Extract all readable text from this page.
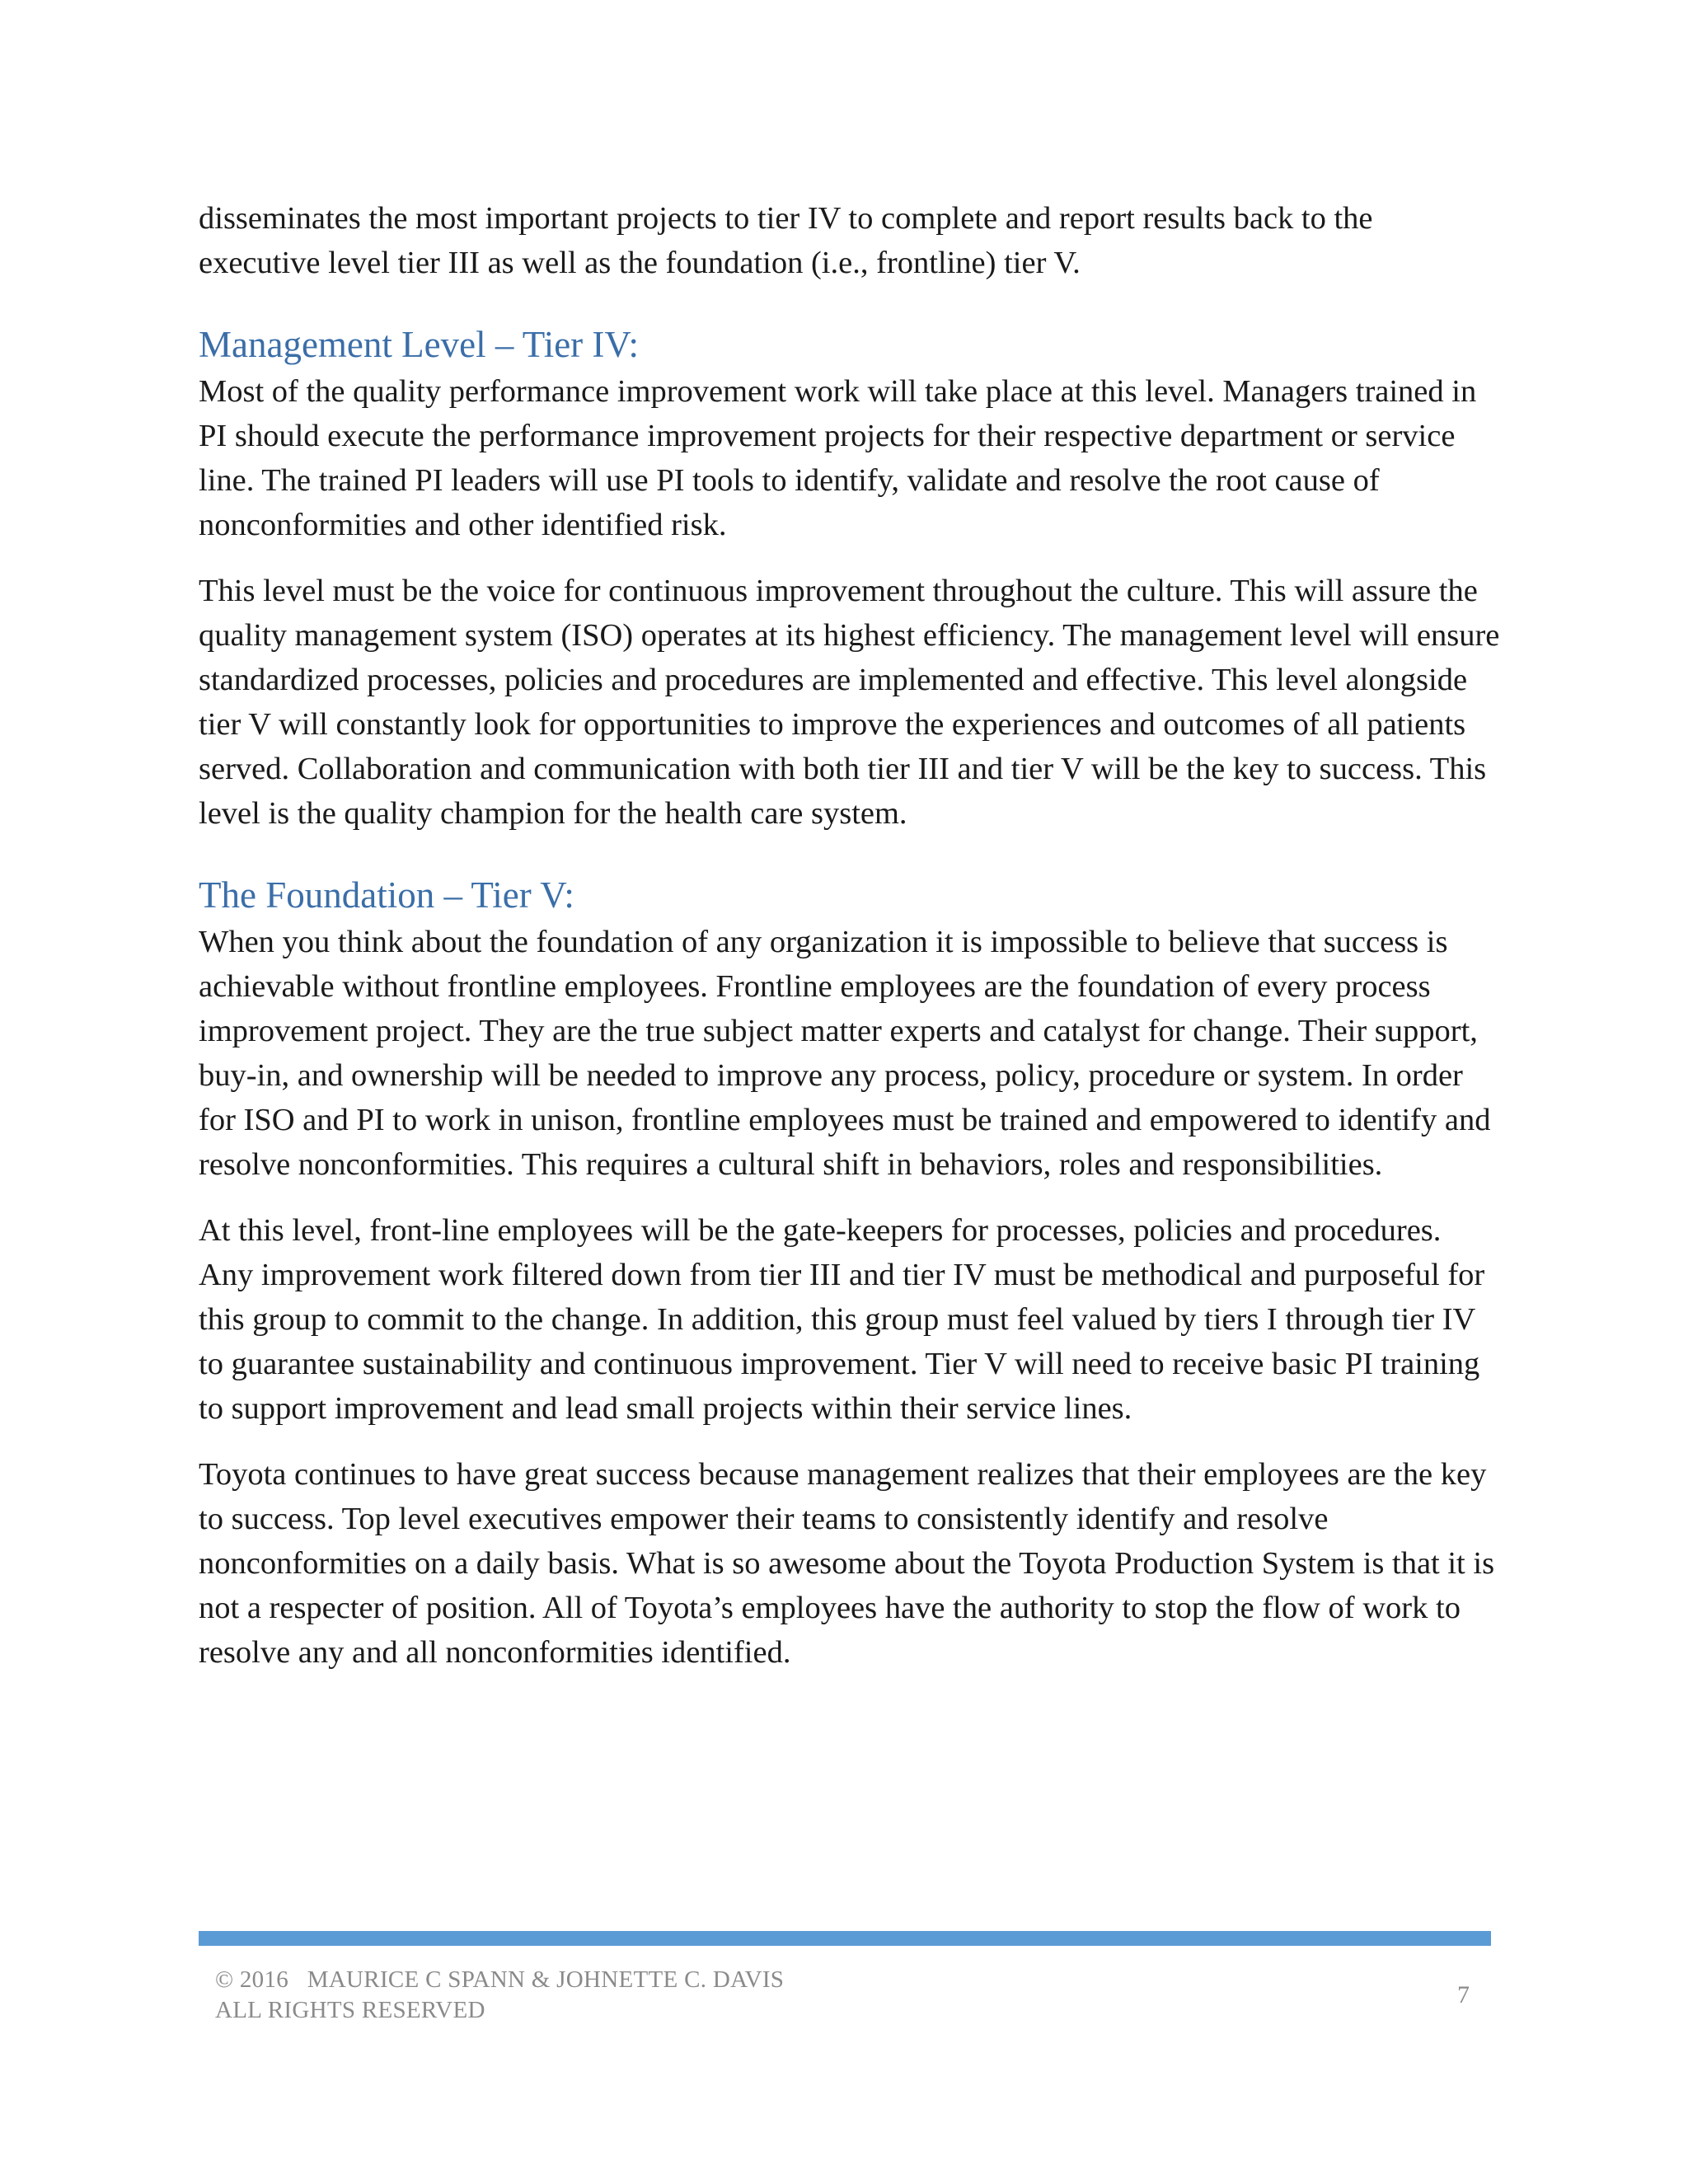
disseminates the most important projects to tier IV to complete and report results back to the executive level tier III as well as the foundation (i.e., frontline) tier V.

Management Level – Tier IV:

Most of the quality performance improvement work will take place at this level. Managers trained in PI should execute the performance improvement projects for their respective department or service line. The trained PI leaders will use PI tools to identify, validate and resolve the root cause of nonconformities and other identified risk.

This level must be the voice for continuous improvement throughout the culture. This will assure the quality management system (ISO) operates at its highest efficiency. The management level will ensure standardized processes, policies and procedures are implemented and effective. This level alongside tier V will constantly look for opportunities to improve the experiences and outcomes of all patients served. Collaboration and communication with both tier III and tier V will be the key to success. This level is the quality champion for the health care system.

The Foundation – Tier V:

When you think about the foundation of any organization it is impossible to believe that success is achievable without frontline employees. Frontline employees are the foundation of every process improvement project. They are the true subject matter experts and catalyst for change. Their support, buy-in, and ownership will be needed to improve any process, policy, procedure or system. In order for ISO and PI to work in unison, frontline employees must be trained and empowered to identify and resolve nonconformities. This requires a cultural shift in behaviors, roles and responsibilities.

At this level, front-line employees will be the gate-keepers for processes, policies and procedures. Any improvement work filtered down from tier III and tier IV must be methodical and purposeful for this group to commit to the change. In addition, this group must feel valued by tiers I through tier IV to guarantee sustainability and continuous improvement. Tier V will need to receive basic PI training to support improvement and lead small projects within their service lines.

Toyota continues to have great success because management realizes that their employees are the key to success. Top level executives empower their teams to consistently identify and resolve nonconformities on a daily basis. What is so awesome about the Toyota Production System is that it is not a respecter of position. All of Toyota’s employees have the authority to stop the flow of work to resolve any and all nonconformities identified.

© 2016   MAURICE C SPANN & JOHNETTE C. DAVIS
ALL RIGHTS RESERVED
7
